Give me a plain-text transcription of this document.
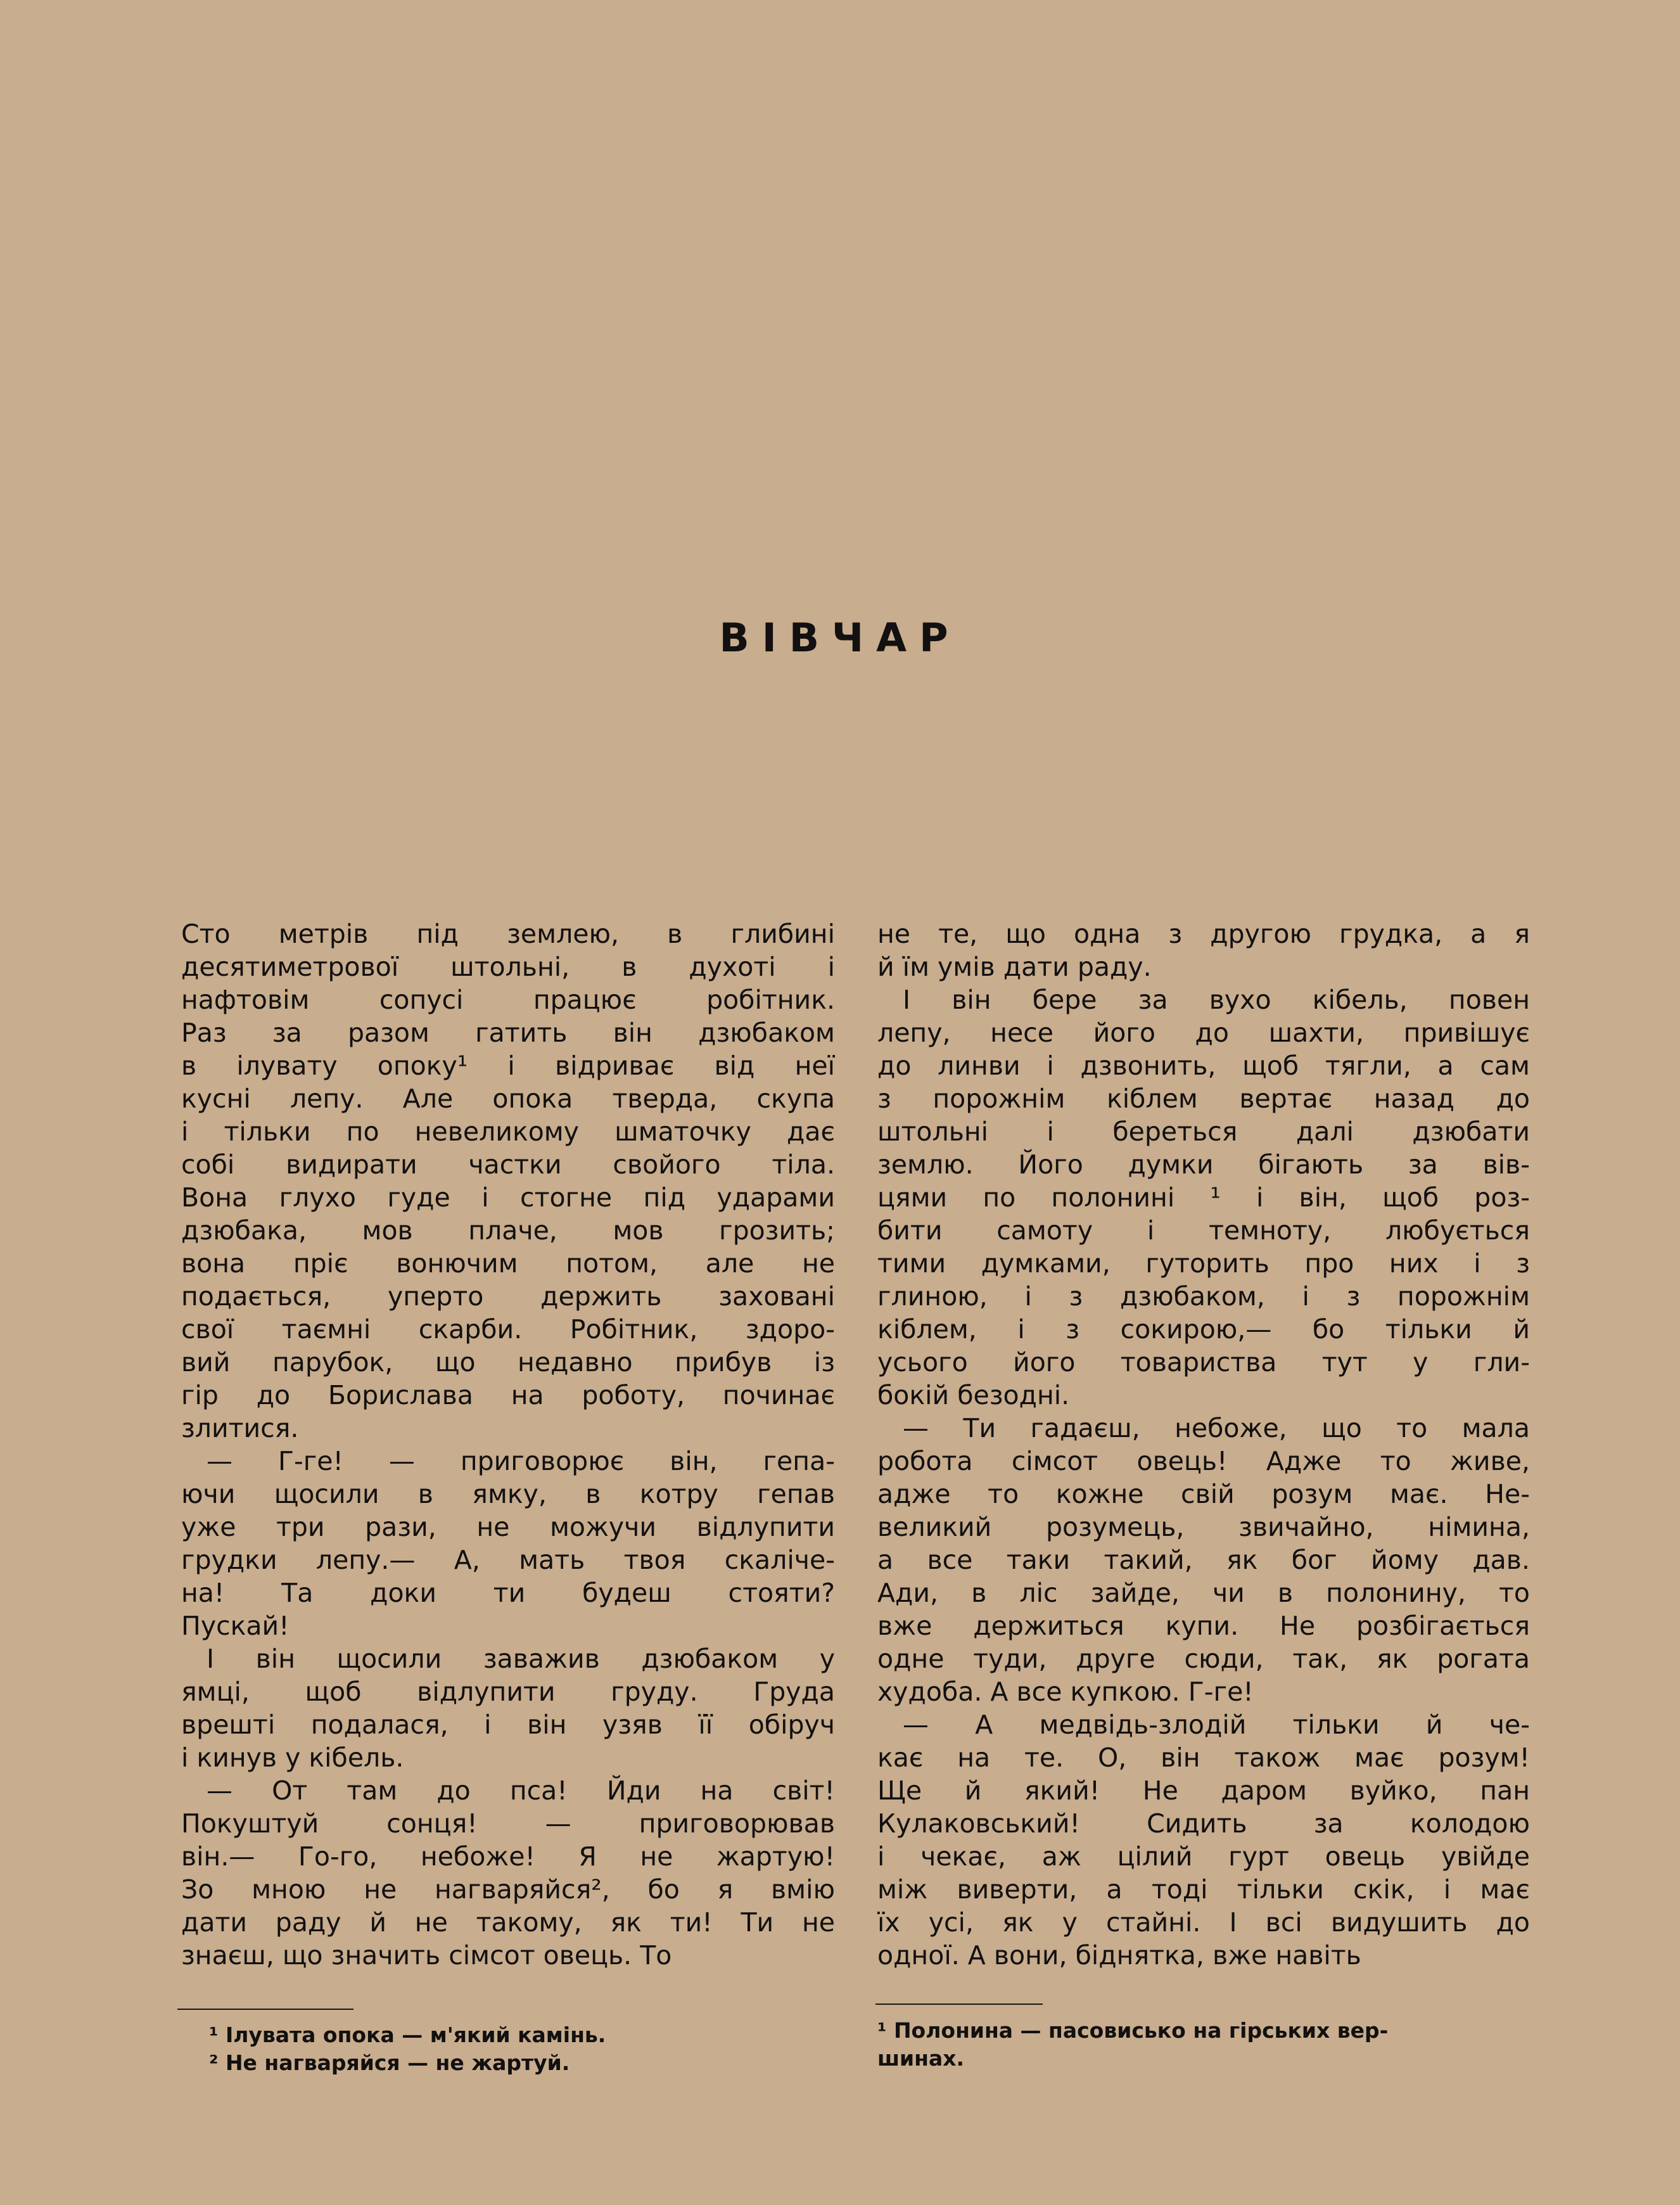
ВІВЧАР
Сто метрів під землею, в глибині
десятиметрової штольні, в духоті і
нафтовім сопусі працює робітник.
Раз за разом гатить він дзюбаком
в ілувату опоку¹ і відриває від неї
кусні лепу. Але опока тверда, скупа
і тільки по невеликому шматочку дає
собі видирати частки свойого тіла.
Вона глухо гуде і стогне під ударами
дзюбака, мов плаче, мов грозить;
вона пріє вонючим потом, але не
подається, уперто держить заховані
свої таємні скарби. Робітник, здоро-
вий парубок, що недавно прибув із
гір до Борислава на роботу, починає
злитися.
— Г-ге! — приговорює він, гепа-
ючи щосили в ямку, в котру гепав
уже три рази, не можучи відлупити
грудки лепу.— А, мать твоя скалічe-
на! Та доки ти будеш стояти?
Пускай!
І він щосили заважив дзюбаком у
ямці, щоб відлупити груду. Груда
врешті подалася, і він узяв її обіруч
і кинув у кібель.
— От там до пса! Йди на світ!
Покуштуй сонця! — приговорював
він.— Го-го, небоже! Я не жартую!
Зо мною не нагваряйся², бо я вмію
дати раду й не такому, як ти! Ти не
знаєш, що значить сімсот овець. То
не те, що одна з другою грудка, а я
й їм умів дати раду.
І він бере за вухо кібель, повен
лепу, несе його до шахти, привішує
до линви і дзвонить, щоб тягли, а сам
з порожнім кіблем вертає назад до
штольні і береться далі дзюбати
землю. Його думки бігають за вів-
цями по полонині ¹ і він, щоб роз-
бити самоту і темноту, любується
тими думками, гуторить про них і з
глиною, і з дзюбаком, і з порожнім
кіблем, і з сокирою,— бо тільки й
усього його товариства тут у гли-
бокій безодні.
— Ти гадаєш, небоже, що то мала
робота сімсот овець! Адже то живе,
адже то кожне свій розум має. Не-
великий розумець, звичайно, німина,
а все таки такий, як бог йому дав.
Ади, в ліс зайде, чи в полонину, то
вже держиться купи. Не розбігається
одне туди, друге сюди, так, як рогата
худоба. А все купкою. Г-ге!
— А медвідь-злодій тільки й че-
кає на те. О, він також має розум!
Ще й який! Не даром вуйко, пан
Кулаковський! Сидить за колодою
і чекає, аж цілий гурт овець увійде
між виверти, а тоді тільки скік, і має
їх усі, як у стайні. І всі видушить до
одної. А вони, біднятка, вже навіть
¹ Ілувата опока — м'який камінь.
² Не нагваряйся — не жартуй.
¹ Полонина — пасовисько на гірських вер-
шинах.
